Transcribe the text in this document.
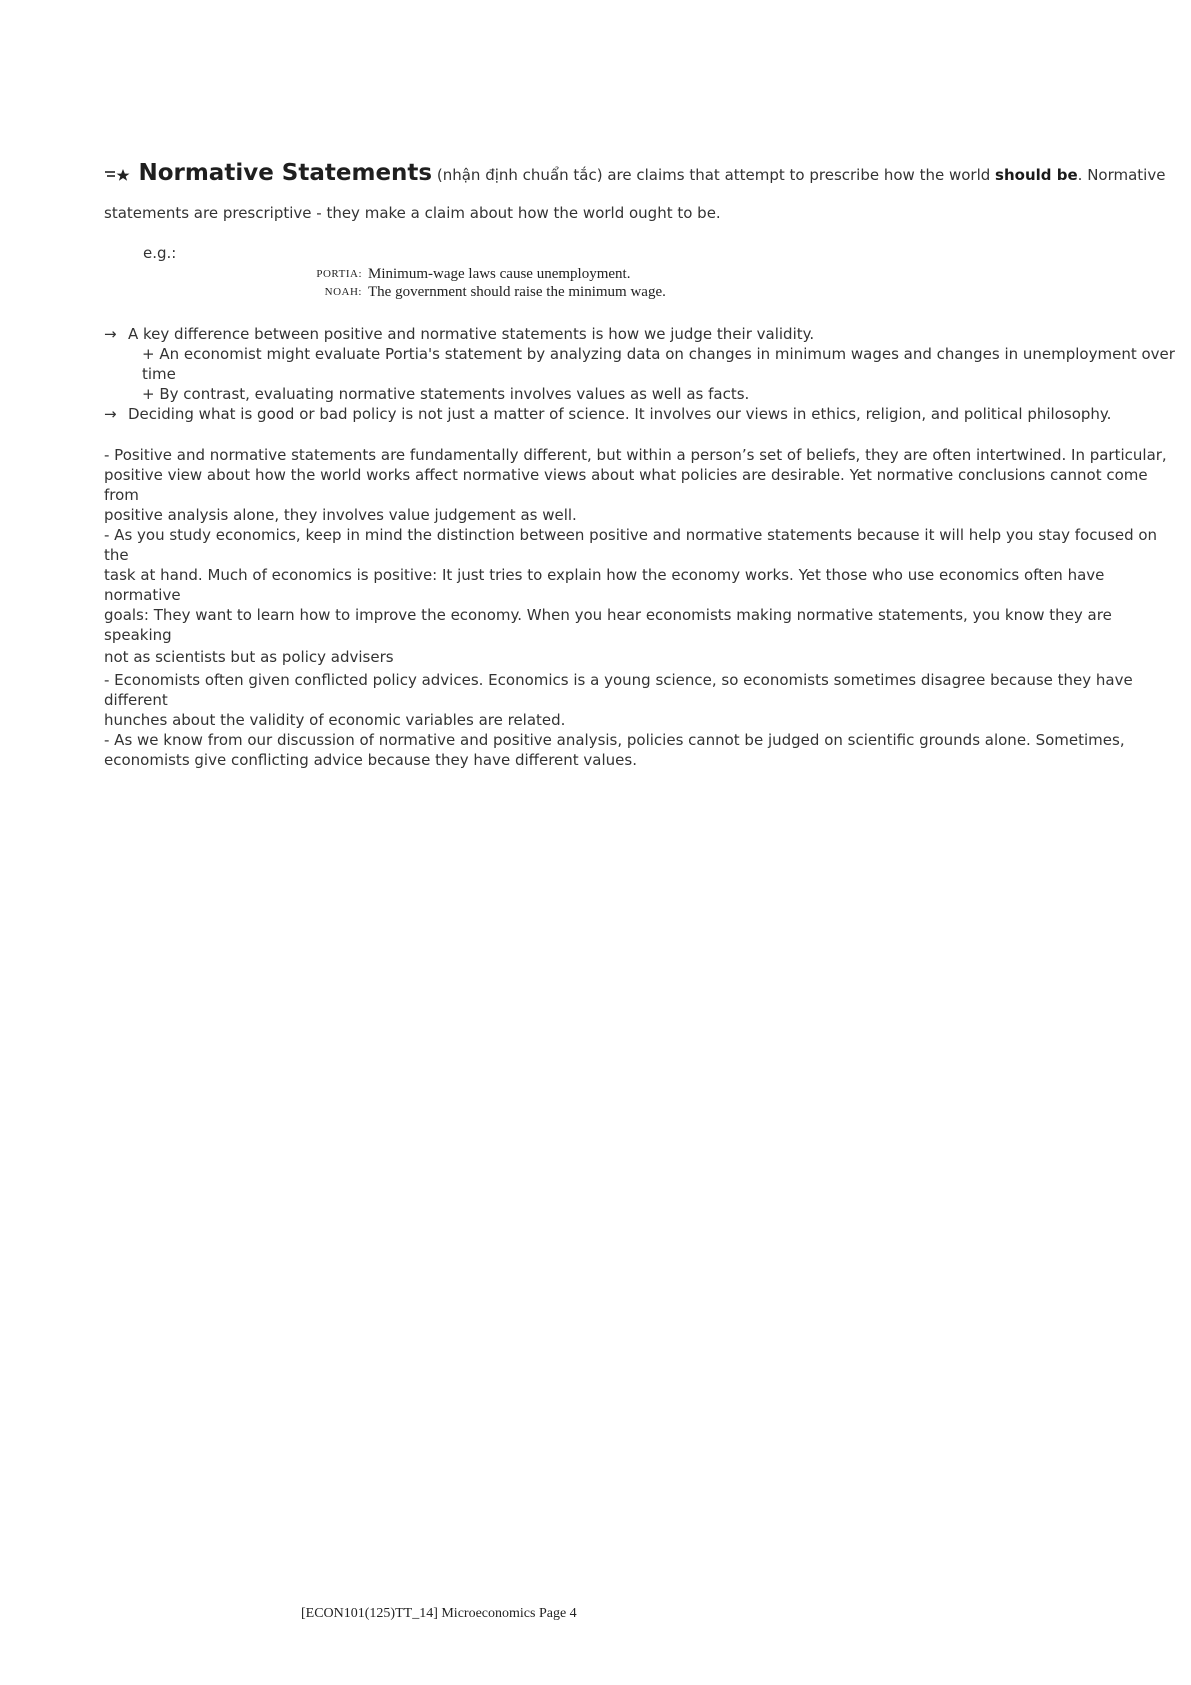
Normative Statements (nhận định chuẩn tắc) are claims that attempt to prescribe how the world should be. Normative
statements are prescriptive - they make a claim about how the world ought to be.
e.g.:
PORTIA: Minimum-wage laws cause unemployment.
NOAH: The government should raise the minimum wage.
→ A key difference between positive and normative statements is how we judge their validity.
+ An economist might evaluate Portia's statement by analyzing data on changes in minimum wages and changes in unemployment over
time
+ By contrast, evaluating normative statements involves values as well as facts.
→ Deciding what is good or bad policy is not just a matter of science. It involves our views in ethics, religion, and political philosophy.
- Positive and normative statements are fundamentally different, but within a person’s set of beliefs, they are often intertwined. In particular,
positive view about how the world works affect normative views about what policies are desirable. Yet normative conclusions cannot come from
positive analysis alone, they involves value judgement as well.
- As you study economics, keep in mind the distinction between positive and normative statements because it will help you stay focused on the
task at hand. Much of economics is positive: It just tries to explain how the economy works. Yet those who use economics often have normative
goals: They want to learn how to improve the economy. When you hear economists making normative statements, you know they are speaking
not as scientists but as policy advisers
- Economists often given conflicted policy advices. Economics is a young science, so economists sometimes disagree because they have different
hunches about the validity of economic variables are related.
- As we know from our discussion of normative and positive analysis, policies cannot be judged on scientific grounds alone. Sometimes,
economists give conflicting advice because they have different values.
[ECON101(125)TT_14] Microeconomics Page 4
